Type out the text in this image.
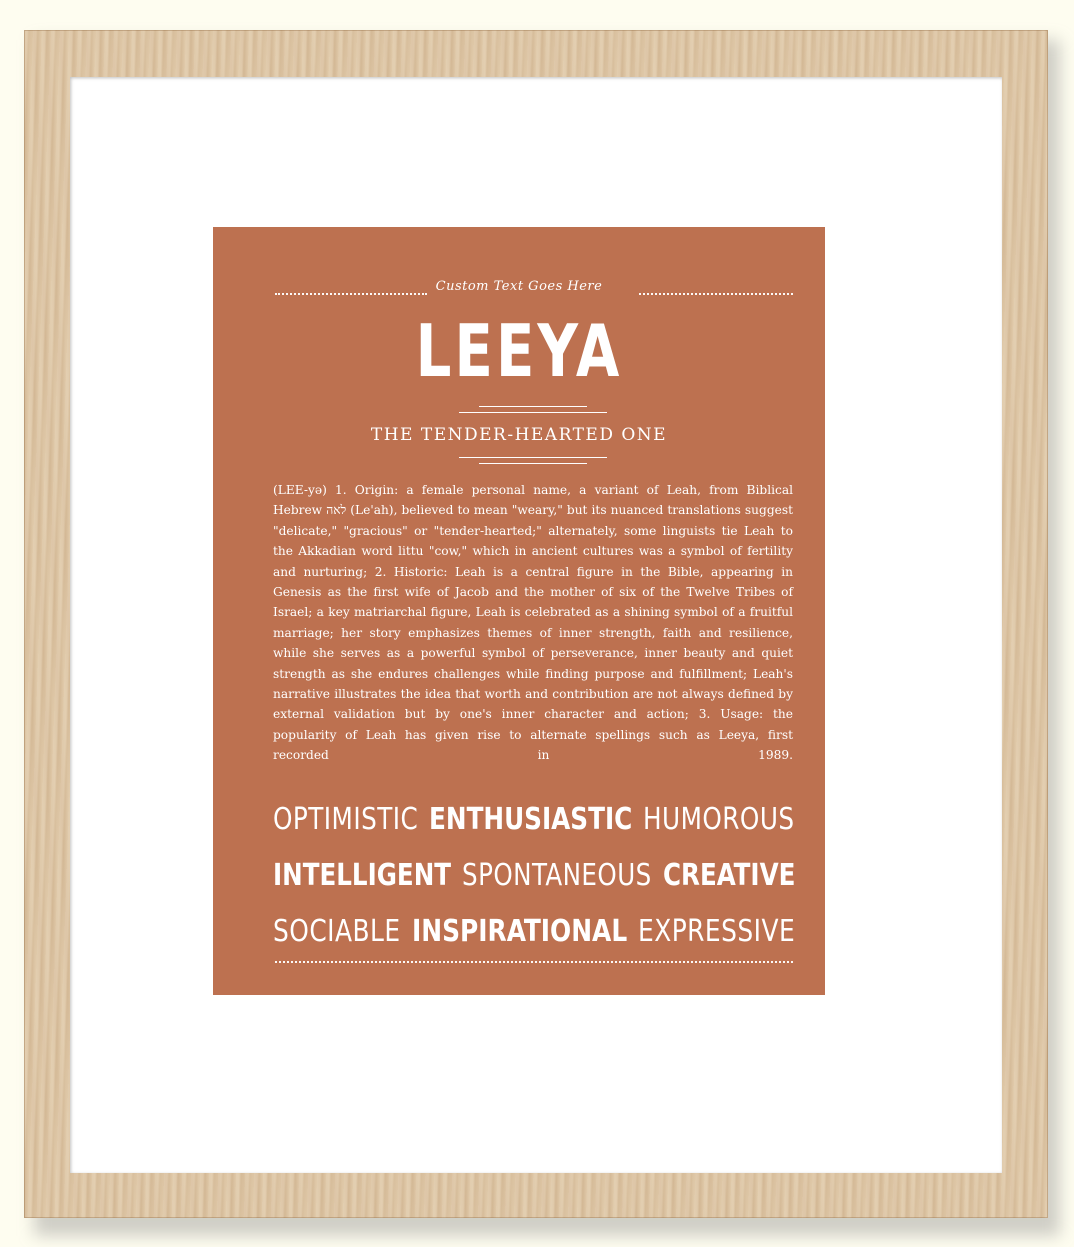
Custom Text Goes Here
LEEYA
THE TENDER-HEARTED ONE

(LEE-yə) 1. Origin: a female personal name, a variant of Leah, from Biblical Hebrew לאה (Le'ah), believed to mean "weary," but its nuanced translations suggest "delicate," "gracious" or "tender-hearted;" alternately, some linguists tie Leah to the Akkadian word littu "cow," which in ancient cultures was a symbol of fertility and nurturing; 2. Historic: Leah is a central figure in the Bible, appearing in Genesis as the first wife of Jacob and the mother of six of the Twelve Tribes of Israel; a key matriarchal figure, Leah is celebrated as a shining symbol of a fruitful marriage; her story emphasizes themes of inner strength, faith and resilience, while she serves as a powerful symbol of perseverance, inner beauty and quiet strength as she endures challenges while finding purpose and fulfillment; Leah's narrative illustrates the idea that worth and contribution are not always defined by external validation but by one's inner character and action; 3. Usage: the popularity of Leah has given rise to alternate spellings such as Leeya, first recorded in 1989.

OPTIMISTIC ENTHUSIASTIC HUMOROUS
INTELLIGENT SPONTANEOUS CREATIVE
SOCIABLE INSPIRATIONAL EXPRESSIVE
